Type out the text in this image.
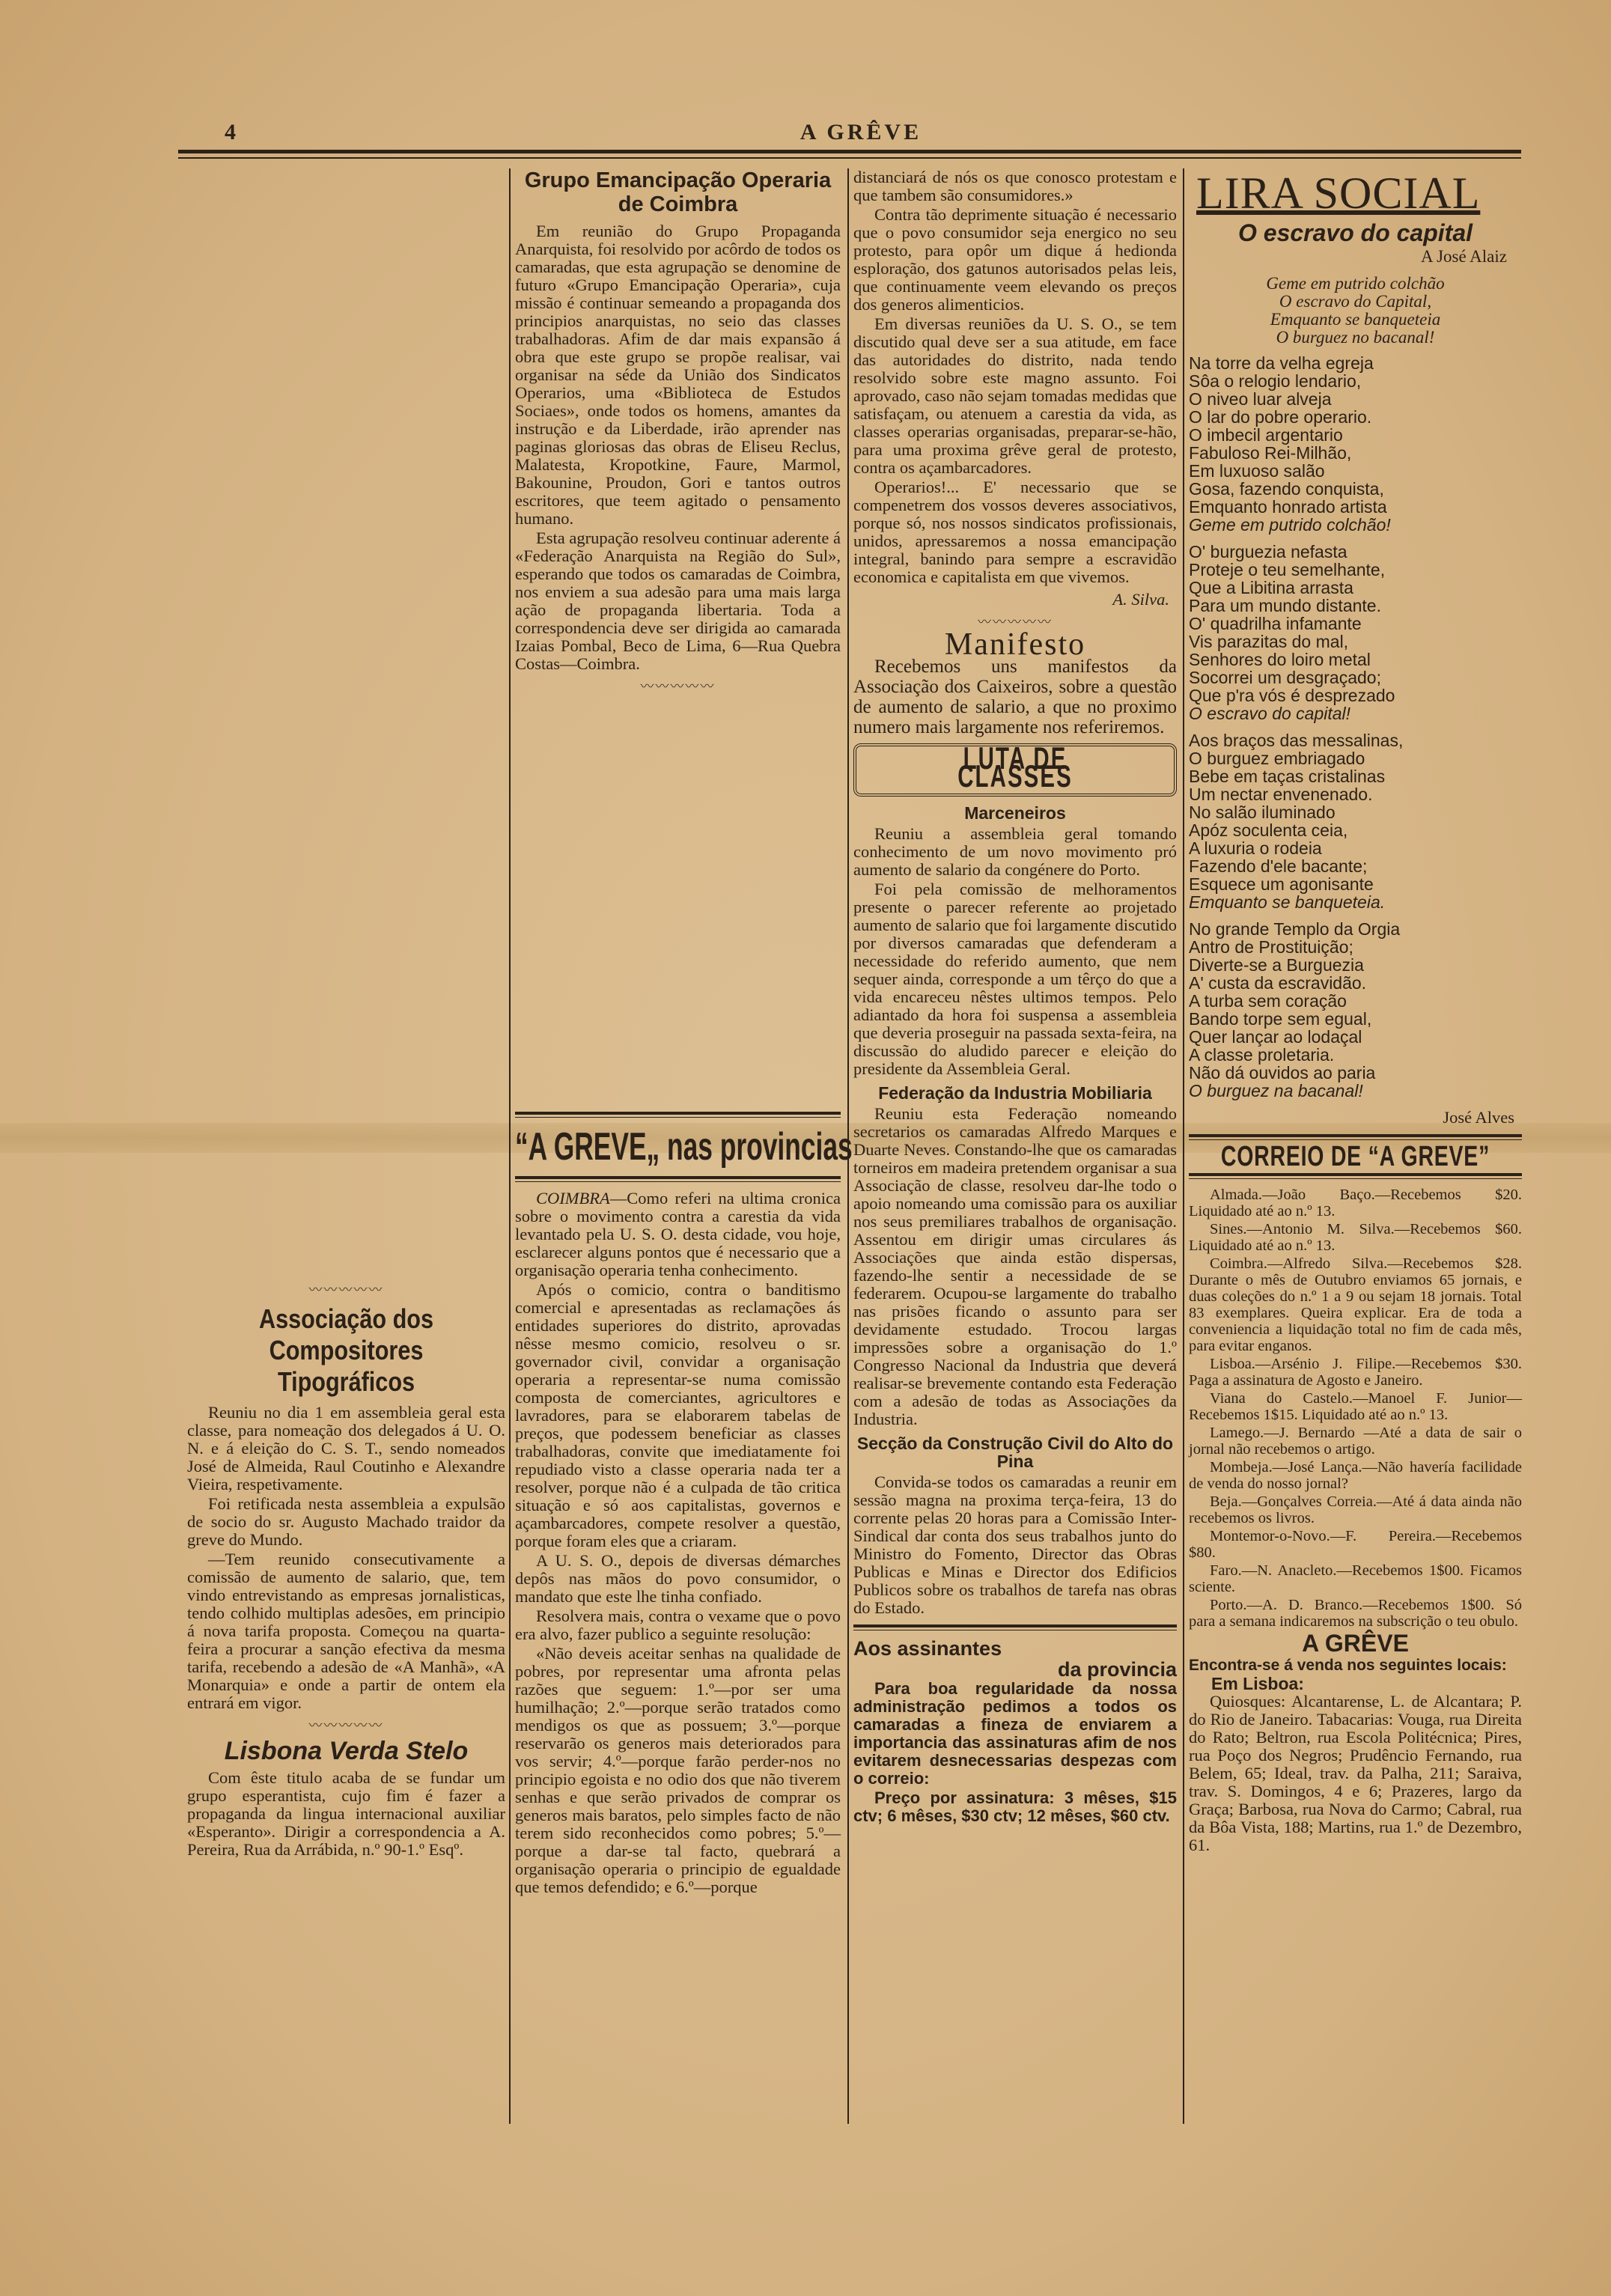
4	A GRÊVE
〰〰〰〰〰
Associação dos Compositores Tipográficos

Reuniu no dia 1 em assembleia geral esta classe, para nomeação dos delegados á U. O. N. e á eleição do C. S. T., sendo nomeados José de Almeida, Raul Coutinho e Alexandre Vieira, respetivamente.

Foi retificada nesta assembleia a expulsão de socio do sr. Augusto Machado traidor da greve do Mundo.

—Tem reunido consecutivamente a comissão de aumento de salario, que, tem vindo entrevistando as empresas jornalisticas, tendo colhido multiplas adesões, em principio á nova tarifa proposta. Começou na quarta-feira a procurar a sanção efectiva da mesma tarifa, recebendo a adesão de «A Manhã», «A Monarquia» e onde a partir de ontem ela entrará em vigor.

〰〰〰〰〰
Lisbona Verda Stelo

Com êste titulo acaba de se fundar um grupo esperantista, cujo fim é fazer a propaganda da lingua internacional auxiliar «Esperanto». Dirigir a correspondencia a A. Pereira, Rua da Arrábida, n.º 90-1.º Esqº.

Grupo Emancipação Operaria de Coimbra

Em reunião do Grupo Propaganda Anarquista, foi resolvido por acôrdo de todos os camaradas, que esta agrupação se denomine de futuro «Grupo Emancipação Operaria», cuja missão é continuar semeando a propaganda dos principios anarquistas, no seio das classes trabalhadoras. Afim de dar mais expansão á obra que este grupo se propõe realisar, vai organisar na séde da União dos Sindicatos Operarios, uma «Biblioteca de Estudos Sociaes», onde todos os homens, amantes da instrução e da Liberdade, irão aprender nas paginas gloriosas das obras de Eliseu Reclus, Malatesta, Kropotkine, Faure, Marmol, Bakounine, Proudon, Gori e tantos outros escritores, que teem agitado o pensamento humano.

Esta agrupação resolveu continuar aderente á «Federação Anarquista na Região do Sul», esperando que todos os camaradas de Coimbra, nos enviem a sua adesão para uma mais larga ação de propaganda libertaria. Toda a correspondencia deve ser dirigida ao camarada Izaias Pombal, Beco de Lima, 6—Rua Quebra Costas—Coimbra.

〰〰〰〰〰
“A GREVE„ nas provincias

COIMBRA—Como referi na ultima cronica sobre o movimento contra a carestia da vida levantado pela U. S. O. desta cidade, vou hoje, esclarecer alguns pontos que é necessario que a organisação operaria tenha conhecimento.

Após o comicio, contra o banditismo comercial e apresentadas as reclamações ás entidades superiores do distrito, aprovadas nêsse mesmo comicio, resolveu o sr. governador civil, convidar a organisação operaria a representar-se numa comissão composta de comerciantes, agricultores e lavradores, para se elaborarem tabelas de preços, que podessem beneficiar as classes trabalhadoras, convite que imediatamente foi repudiado visto a classe operaria nada ter a resolver, porque não é a culpada de tão critica situação e só aos capitalistas, governos e açambarcadores, compete resolver a questão, porque foram eles que a criaram.

A U. S. O., depois de diversas démarches depôs nas mãos do povo consumidor, o mandato que este lhe tinha confiado.

Resolvera mais, contra o vexame que o povo era alvo, fazer publico a seguinte resolução:

«Não deveis aceitar senhas na qualidade de pobres, por representar uma afronta pelas razões que seguem: 1.º—por ser uma humilhação; 2.º—porque serão tratados como mendigos os que as possuem; 3.º—porque reservarão os generos mais deteriorados para vos servir; 4.º—porque farão perder-nos no principio egoista e no odio dos que não tiverem senhas e que serão privados de comprar os generos mais baratos, pelo simples facto de não terem sido reconhecidos como pobres; 5.º—porque a dar-se tal facto, quebrará a organisação operaria o principio de egualdade que temos defendido; e 6.º—porque

distanciará de nós os que conosco protestam e que tambem são consumidores.»

Contra tão deprimente situação é necessario que o povo consumidor seja energico no seu protesto, para opôr um dique á hedionda esploração, dos gatunos autorisados pelas leis, que continuamente veem elevando os preços dos generos alimenticios.

Em diversas reuniões da U. S. O., se tem discutido qual deve ser a sua atitude, em face das autoridades do distrito, nada tendo resolvido sobre este magno assunto. Foi aprovado, caso não sejam tomadas medidas que satisfaçam, ou atenuem a carestia da vida, as classes operarias organisadas, preparar-se-hão, para uma proxima grêve geral de protesto, contra os açambarcadores.

Operarios!... E' necessario que se compenetrem dos vossos deveres associativos, porque só, nos nossos sindicatos profissionais, unidos, apressaremos a nossa emancipação integral, banindo para sempre a escravidão economica e capitalista em que vivemos.

A. Silva.
〰〰〰〰〰
Manifesto

Recebemos uns manifestos da Associação dos Caixeiros, sobre a questão de aumento de salario, a que no proximo numero mais largamente nos referiremos.

LUTA DE CLASSES
Marceneiros

Reuniu a assembleia geral tomando conhecimento de um novo movimento pró aumento de salario da congénere do Porto.

Foi pela comissão de melhoramentos presente o parecer referente ao projetado aumento de salario que foi largamente discutido por diversos camaradas que defenderam a necessidade do referido aumento, que nem sequer ainda, corresponde a um têrço do que a vida encareceu nêstes ultimos tempos. Pelo adiantado da hora foi suspensa a assembleia que deveria proseguir na passada sexta-feira, na discussão do aludido parecer e eleição do presidente da Assembleia Geral.

Federação da Industria Mobiliaria

Reuniu esta Federação nomeando secretarios os camaradas Alfredo Marques e Duarte Neves. Constando-lhe que os camaradas torneiros em madeira pretendem organisar a sua Associação de classe, resolveu dar-lhe todo o apoio nomeando uma comissão para os auxiliar nos seus premiliares trabalhos de organisação. Assentou em dirigir umas circulares ás Associações que ainda estão dispersas, fazendo-lhe sentir a necessidade de se federarem. Ocupou-se largamente do trabalho nas prisões ficando o assunto para ser devidamente estudado. Trocou largas impressões sobre a organisação do 1.º Congresso Nacional da Industria que deverá realisar-se brevemente contando esta Federação com a adesão de todas as Associações da Industria.

Secção da Construção Civil do Alto do Pina

Convida-se todos os camaradas a reunir em sessão magna na proxima terça-feira, 13 do corrente pelas 20 horas para a Comissão Inter-Sindical dar conta dos seus trabalhos junto do Ministro do Fomento, Director das Obras Publicas e Minas e Director dos Edificios Publicos sobre os trabalhos de tarefa nas obras do Estado.

Aos assinantes
da provincia

Para boa regularidade da nossa administração pedimos a todos os camaradas a fineza de enviarem a importancia das assinaturas afim de nos evitarem desnecessarias despezas com o correio:

Preço por assinatura: 3 mêses, $15 ctv; 6 mêses, $30 ctv; 12 mêses, $60 ctv.

LIRA SOCIAL
O escravo do capital
A José Alaiz
Geme em putrido colchão
O escravo do Capital,
Emquanto se banqueteia
O burguez no bacanal!
Na torre da velha egreja
Sôa o relogio lendario,
O niveo luar alveja
O lar do pobre operario.
O imbecil argentario
Fabuloso Rei-Milhão,
Em luxuoso salão
Gosa, fazendo conquista,
Emquanto honrado artista
Geme em putrido colchão!
O' burguezia nefasta
Proteje o teu semelhante,
Que a Libitina arrasta
Para um mundo distante.
O' quadrilha infamante
Vis parazitas do mal,
Senhores do loiro metal
Socorrei um desgraçado;
Que p'ra vós é desprezado
O escravo do capital!
Aos braços das messalinas,
O burguez embriagado
Bebe em taças cristalinas
Um nectar envenenado.
No salão iluminado
Apóz soculenta ceia,
A luxuria o rodeia
Fazendo d'ele bacante;
Esquece um agonisante
Emquanto se banqueteia.
No grande Templo da Orgia
Antro de Prostituição;
Diverte-se a Burguezia
A' custa da escravidão.
A turba sem coração
Bando torpe sem egual,
Quer lançar ao lodaçal
A classe proletaria.
Não dá ouvidos ao paria
O burguez na bacanal!
José Alves
CORREIO DE “A GREVE”

Almada.—João Baço.—Recebemos $20. Liquidado até ao n.º 13.

Sines.—Antonio M. Silva.—Recebemos $60. Liquidado até ao n.º 13.

Coimbra.—Alfredo Silva.—Recebemos $28. Durante o mês de Outubro enviamos 65 jornais, e duas coleções do n.º 1 a 9 ou sejam 18 jornais. Total 83 exemplares. Queira explicar. Era de toda a conveniencia a liquidação total no fim de cada mês, para evitar enganos.

Lisboa.—Arsénio J. Filipe.—Recebemos $30. Paga a assinatura de Agosto e Janeiro.

Viana do Castelo.—Manoel F. Junior—Recebemos 1$15. Liquidado até ao n.º 13.

Lamego.—J. Bernardo —Até a data de sair o jornal não recebemos o artigo.

Mombeja.—José Lança.—Não havería facilidade de venda do nosso jornal?

Beja.—Gonçalves Correia.—Até á data ainda não recebemos os livros.

Montemor-o-Novo.—F. Pereira.—Recebemos $80.

Faro.—N. Anacleto.—Recebemos 1$00. Ficamos sciente.

Porto.—A. D. Branco.—Recebemos 1$00. Só para a semana indicaremos na subscrição o teu obulo.

A GRÊVE
Encontra-se á venda nos seguintes locais:
Em Lisboa:

Quiosques: Alcantarense, L. de Alcantara; P. do Rio de Janeiro. Tabacarias: Vouga, rua Direita do Rato; Beltron, rua Escola Politécnica; Pires, rua Poço dos Negros; Prudêncio Fernando, rua Belem, 65; Ideal, trav. da Palha, 211; Saraiva, trav. S. Domingos, 4 e 6; Prazeres, largo da Graça; Barbosa, rua Nova do Carmo; Cabral, rua da Bôa Vista, 188; Martins, rua 1.º de Dezembro, 61.
